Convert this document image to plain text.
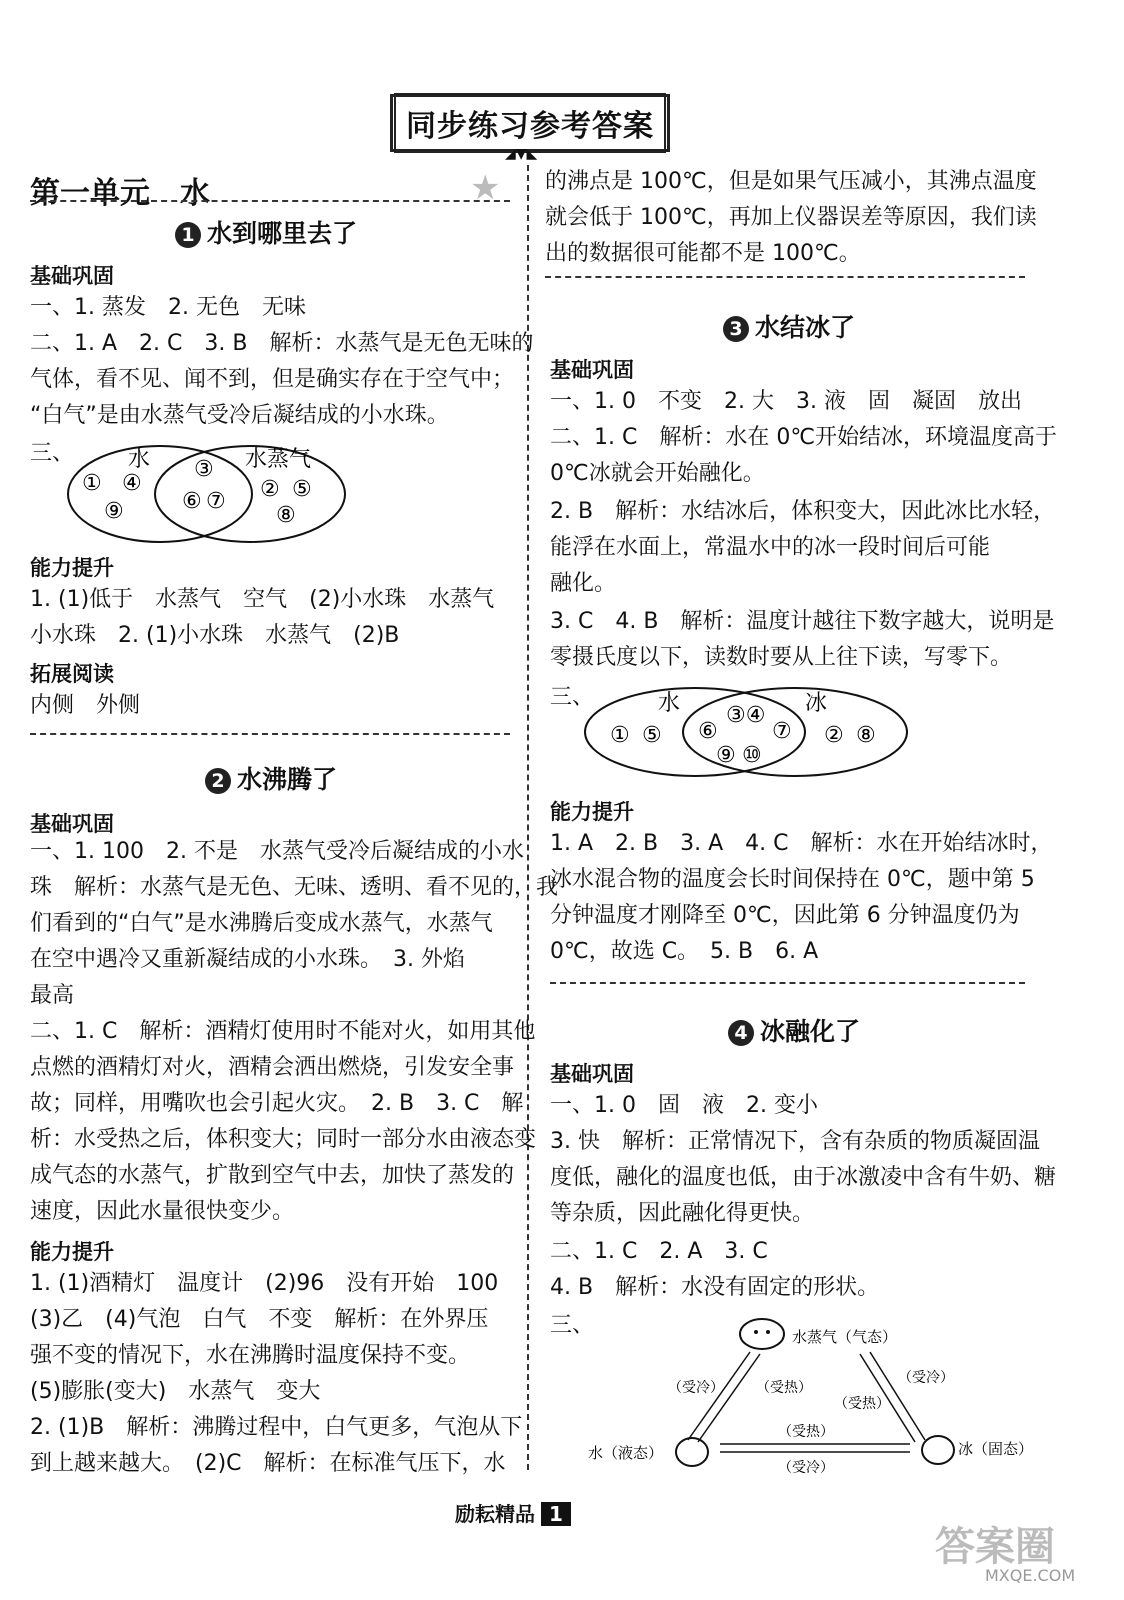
同步练习参考答案
◢▼◣
第一单元　水	★
1 水到哪里去了
基础巩固
一、1. 蒸发　2. 无色　无味
二、1. A　2. C　3. B　解析：水蒸气是无色无味的
气体，看不见、闻不到，但是确实存在于空气中；
“白气”是由水蒸气受冷后凝结成的小水珠。
三、 水	水蒸气
① ④
⑨
③
⑥ ⑦ ② ⑤
⑧
能力提升
1. (1)低于　水蒸气　空气　(2)小水珠　水蒸气
小水珠　2. (1)小水珠　水蒸气　(2)B
拓展阅读
内侧　外侧
2 水沸腾了
基础巩固
一、1. 100　2. 不是　水蒸气受冷后凝结成的小水
珠　解析：水蒸气是无色、无味、透明、看不见的，我
们看到的“白气”是水沸腾后变成水蒸气，水蒸气
在空中遇冷又重新凝结成的小水珠。　3. 外焰
最高
二、1. C　解析：酒精灯使用时不能对火，如用其他
点燃的酒精灯对火，酒精会洒出燃烧，引发安全事
故；同样，用嘴吹也会引起火灾。　2. B　3. C　解
析：水受热之后，体积变大；同时一部分水由液态变
成气态的水蒸气，扩散到空气中去，加快了蒸发的
速度，因此水量很快变少。
能力提升
1. (1)酒精灯　温度计　(2)96　没有开始　100
(3)乙　(4)气泡　白气　不变　解析：在外界压
强不变的情况下，水在沸腾时温度保持不变。
(5)膨胀(变大)　水蒸气　变大
2. (1)B　解析：沸腾过程中，白气更多，气泡从下
到上越来越大。　(2)C　解析：在标准气压下，水
的沸点是 100℃，但是如果气压减小，其沸点温度
就会低于 100℃，再加上仪器误差等原因，我们读
出的数据很可能都不是 100℃。
3 水结冰了
基础巩固
一、1. 0　不变　2. 大　3. 液　固　凝固　放出
二、1. C　解析：水在 0℃开始结冰，环境温度高于
0℃冰就会开始融化。
2. B　解析：水结冰后，体积变大，因此冰比水轻，
能浮在水面上，常温水中的冰一段时间后可能
融化。
3. C　4. B　解析：温度计越往下数字越大，说明是
零摄氏度以下，读数时要从上往下读，写零下。
三、	水	冰
① ⑤ ⑥
③④
⑦
⑨ ⑩
② ⑧
能力提升
1. A　2. B　3. A　4. C　解析：水在开始结冰时，
冰水混合物的温度会长时间保持在 0℃，题中第 5
分钟温度才刚降至 0℃，因此第 6 分钟温度仍为
0℃，故选 C。　5. B　6. A
4 冰融化了
基础巩固
一、1. 0　固　液　2. 变小
3. 快　解析：正常情况下，含有杂质的物质凝固温
度低，融化的温度也低，由于冰激凌中含有牛奶、糖
等杂质，因此融化得更快。
二、1. C　2. A　3. C
4. B　解析：水没有固定的形状。
三、	水蒸气（气态）
（受冷） （受热）
（受热）
（受冷）
（受热）
（受冷）
水（液态）	冰（固态）
励耘精品 1
答案圈
MXQE.COM
